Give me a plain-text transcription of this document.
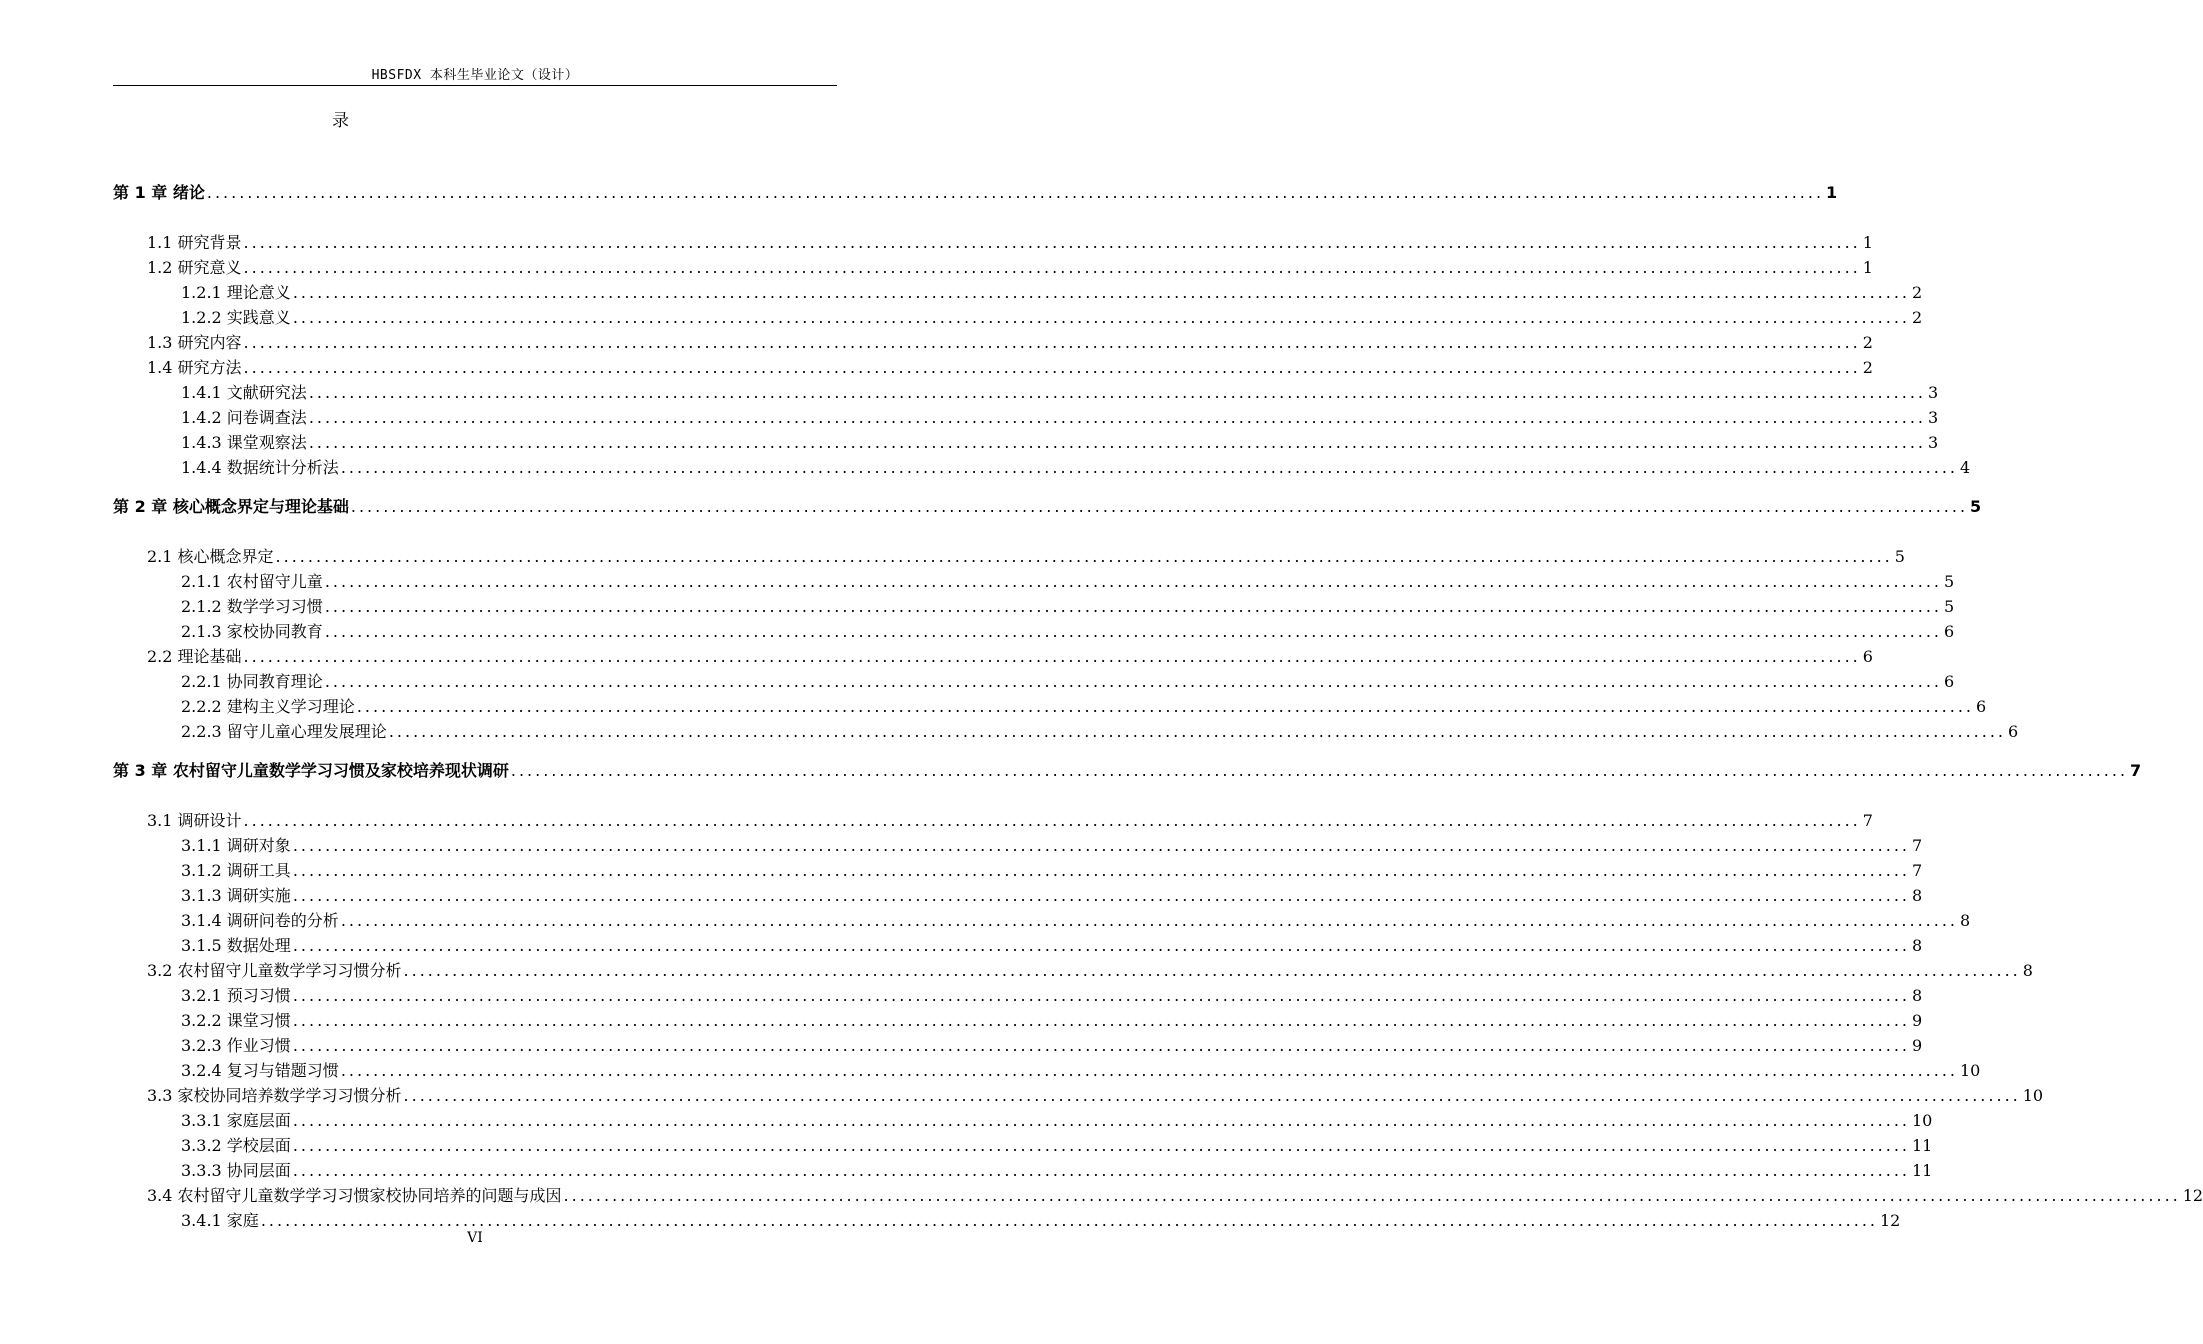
HBSFDX 本科生毕业论文（设计）
录
第 1 章 绪论 ........................................................................................................................................................................................................ 1
1.1 研究背景 ........................................................................................................................................................................................................ 1
1.2 研究意义 ........................................................................................................................................................................................................ 1
1.2.1 理论意义 ........................................................................................................................................................................................................ 2
1.2.2 实践意义 ........................................................................................................................................................................................................ 2
1.3 研究内容 ........................................................................................................................................................................................................ 2
1.4 研究方法 ........................................................................................................................................................................................................ 2
1.4.1 文献研究法 ........................................................................................................................................................................................................ 3
1.4.2 问卷调查法 ........................................................................................................................................................................................................ 3
1.4.3 课堂观察法 ........................................................................................................................................................................................................ 3
1.4.4 数据统计分析法 ........................................................................................................................................................................................................ 4
第 2 章 核心概念界定与理论基础 ........................................................................................................................................................................................................ 5
2.1 核心概念界定 ........................................................................................................................................................................................................ 5
2.1.1 农村留守儿童 ........................................................................................................................................................................................................ 5
2.1.2 数学学习习惯 ........................................................................................................................................................................................................ 5
2.1.3 家校协同教育 ........................................................................................................................................................................................................ 6
2.2 理论基础 ........................................................................................................................................................................................................ 6
2.2.1 协同教育理论 ........................................................................................................................................................................................................ 6
2.2.2 建构主义学习理论 ........................................................................................................................................................................................................ 6
2.2.3 留守儿童心理发展理论 ........................................................................................................................................................................................................ 6
第 3 章 农村留守儿童数学学习习惯及家校培养现状调研 ........................................................................................................................................................................................................ 7
3.1 调研设计 ........................................................................................................................................................................................................ 7
3.1.1 调研对象 ........................................................................................................................................................................................................ 7
3.1.2 调研工具 ........................................................................................................................................................................................................ 7
3.1.3 调研实施 ........................................................................................................................................................................................................ 8
3.1.4 调研问卷的分析 ........................................................................................................................................................................................................ 8
3.1.5 数据处理 ........................................................................................................................................................................................................ 8
3.2 农村留守儿童数学学习习惯分析 ........................................................................................................................................................................................................ 8
3.2.1 预习习惯 ........................................................................................................................................................................................................ 8
3.2.2 课堂习惯 ........................................................................................................................................................................................................ 9
3.2.3 作业习惯 ........................................................................................................................................................................................................ 9
3.2.4 复习与错题习惯 ........................................................................................................................................................................................................ 10
3.3 家校协同培养数学学习习惯分析 ........................................................................................................................................................................................................ 10
3.3.1 家庭层面 ........................................................................................................................................................................................................ 10
3.3.2 学校层面 ........................................................................................................................................................................................................ 11
3.3.3 协同层面 ........................................................................................................................................................................................................ 11
3.4 农村留守儿童数学学习习惯家校协同培养的问题与成因 ........................................................................................................................................................................................................ 12
3.4.1 家庭 ........................................................................................................................................................................................................ 12
VI
